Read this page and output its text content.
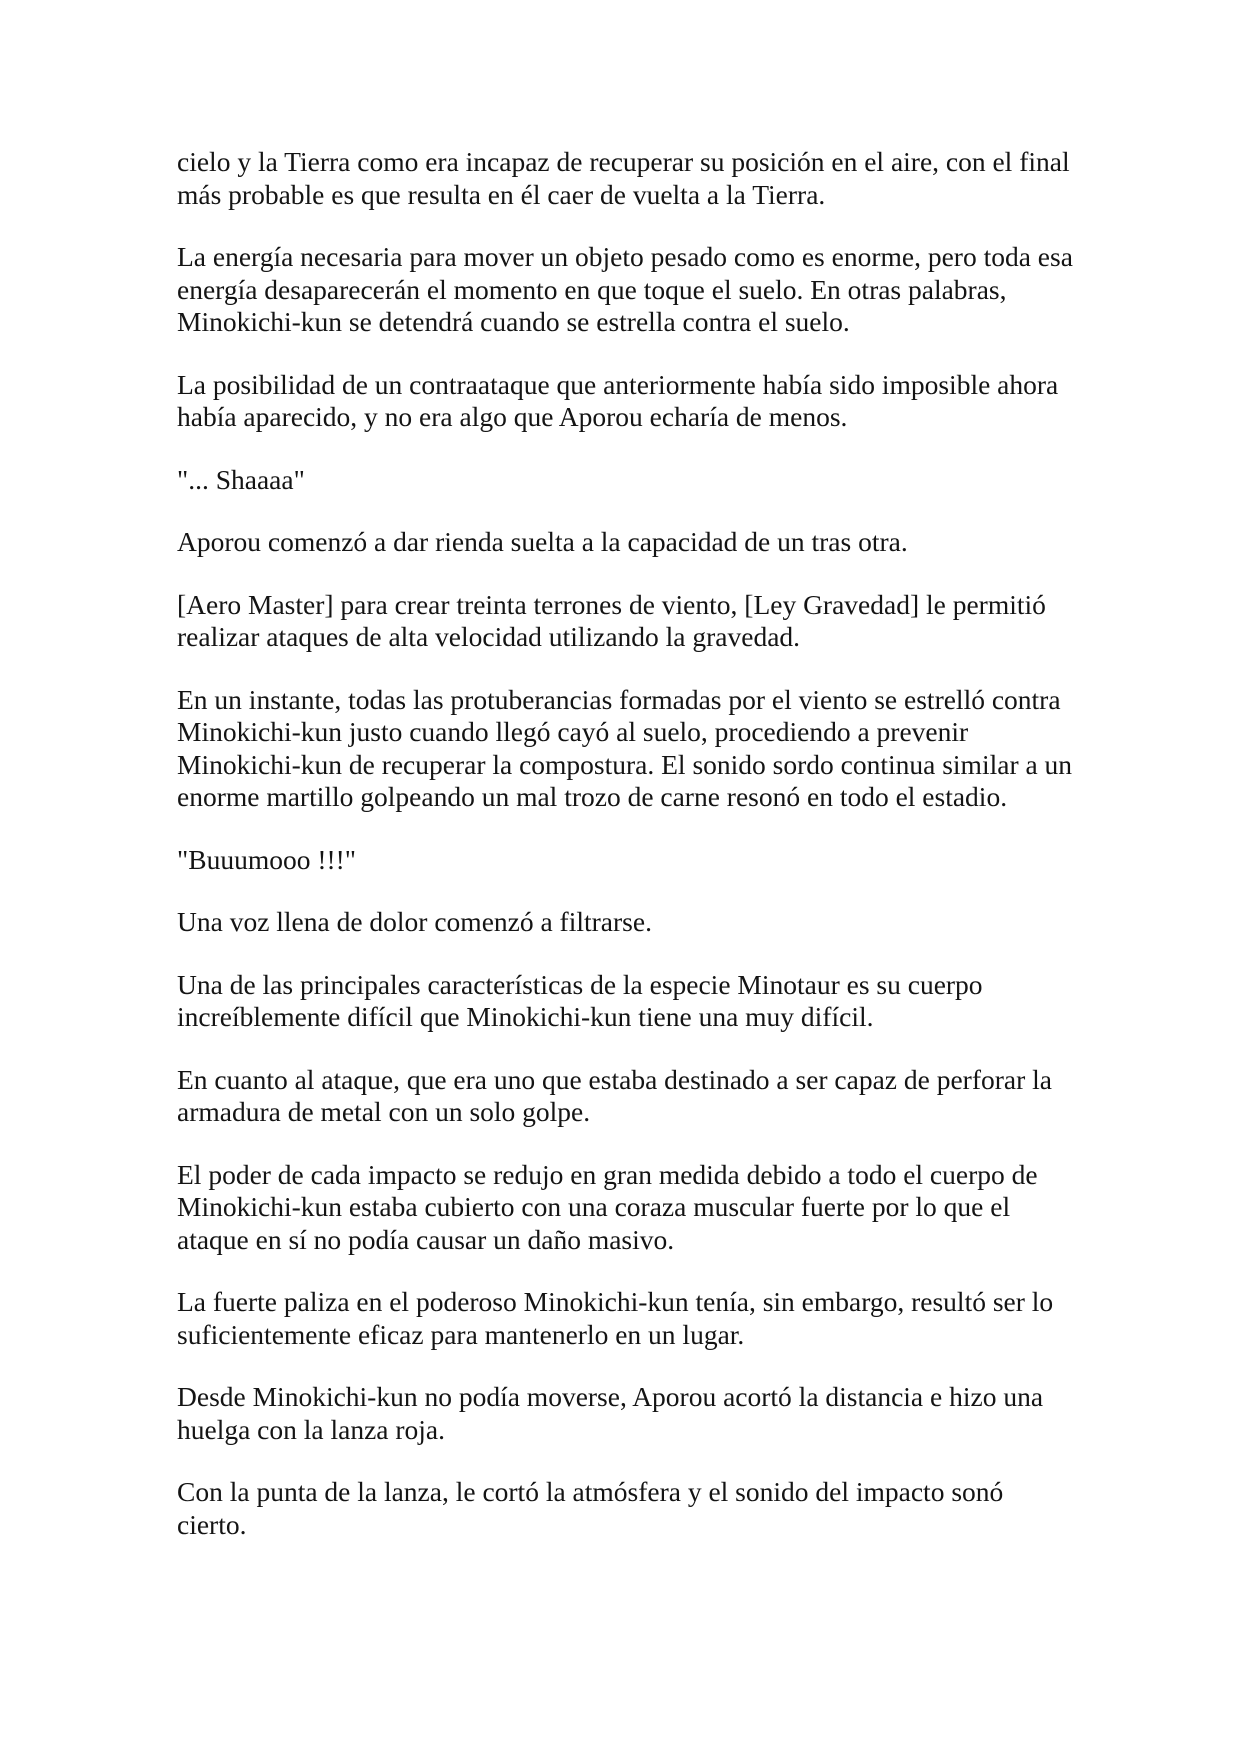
cielo y la Tierra como era incapaz de recuperar su posición en el aire, con el final más probable es que resulta en él caer de vuelta a la Tierra.

La energía necesaria para mover un objeto pesado como es enorme, pero toda esa energía desaparecerán el momento en que toque el suelo. En otras palabras, Minokichi-kun se detendrá cuando se estrella contra el suelo.

La posibilidad de un contraataque que anteriormente había sido imposible ahora había aparecido, y no era algo que Aporou echaría de menos.

"... Shaaaa"

Aporou comenzó a dar rienda suelta a la capacidad de un tras otra.

[Aero Master] para crear treinta terrones de viento, [Ley Gravedad] le permitió realizar ataques de alta velocidad utilizando la gravedad.

En un instante, todas las protuberancias formadas por el viento se estrelló contra Minokichi-kun justo cuando llegó cayó al suelo, procediendo a prevenir Minokichi-kun de recuperar la compostura. El sonido sordo continua similar a un enorme martillo golpeando un mal trozo de carne resonó en todo el estadio.

"Buuumooo !!!"

Una voz llena de dolor comenzó a filtrarse.

Una de las principales características de la especie Minotaur es su cuerpo increíblemente difícil que Minokichi-kun tiene una muy difícil.

En cuanto al ataque, que era uno que estaba destinado a ser capaz de perforar la armadura de metal con un solo golpe.

El poder de cada impacto se redujo en gran medida debido a todo el cuerpo de Minokichi-kun estaba cubierto con una coraza muscular fuerte por lo que el ataque en sí no podía causar un daño masivo.

La fuerte paliza en el poderoso Minokichi-kun tenía, sin embargo, resultó ser lo suficientemente eficaz para mantenerlo en un lugar.

Desde Minokichi-kun no podía moverse, Aporou acortó la distancia e hizo una huelga con la lanza roja.

Con la punta de la lanza, le cortó la atmósfera y el sonido del impacto sonó cierto.
